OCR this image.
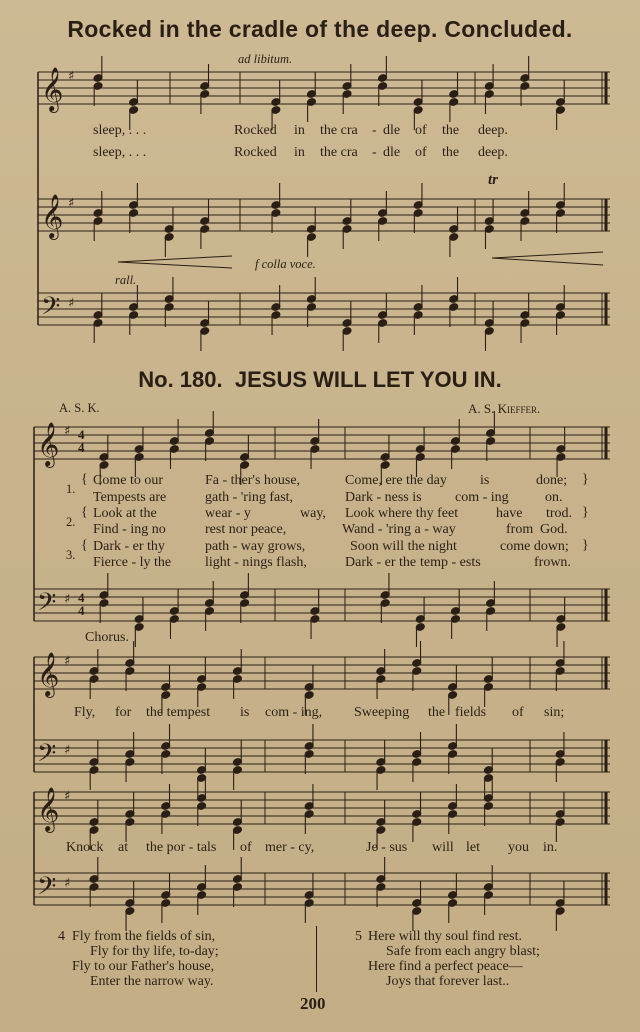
Rocked in the cradle of the deep. Concluded.
𝄞 ♯
𝄞 ♯
𝄢 ♯
𝄞 ♯
𝄢 ♯
𝄞 ♯
𝄢 ♯
𝄞 ♯
𝄢 ♯
4
4
4
4
ad libitum.
sleep, . . .	Rocked in the cra - dle of the deep.
sleep, . . .	Rocked in the cra - dle of the deep.
tr
f colla voce.
rall.
No. 180. JESUS WILL LET YOU IN.
A. S. K.	A. S. Kieffer.
1.
{ Come to our	Fa - ther's house,	Come, ere the day is	done;
Tempests are	gath - 'ring fast,	Dark - ness is com - ing	on.
}
2.
{ Look at the	wear - y	way, Look where thy feet	have trod.
Find - ing no	rest nor peace,	Wand - 'ring a - way	from God.
}
3.
{ Dark - er thy	path - way grows,	Soon will the night	come down;
Fierce - ly the light - nings flash,	Dark - er the temp - ests	frown.
}
Chorus.
Fly, for the tempest is com - ing, Sweeping the fields of sin;
Knock at the por - tals of mer - cy,	Je - sus will let you in.
4 Fly from the fields of sin,
Fly for thy life, to-day;
Fly to our Father's house,
Enter the narrow way.
5 Here will thy soul find rest.
Safe from each angry blast;
Here find a perfect peace—
Joys that forever last..
200
